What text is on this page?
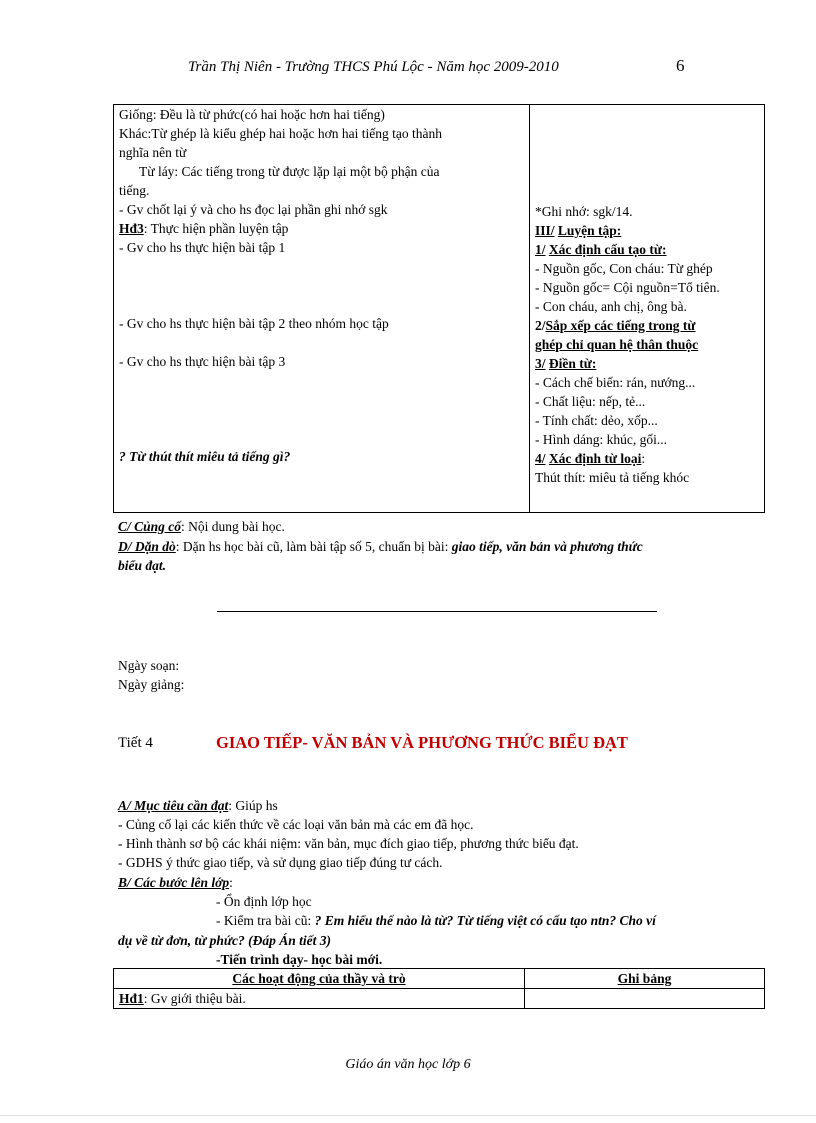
Trần Thị Niên - Trường THCS Phú Lộc - Năm học 2009-2010	6
Giống: Đều là từ phức(có hai hoặc hơn hai tiếng)
Khác:Từ ghép là kiểu ghép hai hoặc hơn hai tiếng tạo thành
nghĩa nên từ
Từ láy: Các tiếng trong từ được lặp lại một bộ phận của
tiếng.
- Gv chốt lại ý và cho hs đọc lại phần ghi nhớ sgk
Hđ3: Thực hiện phần luyện tập
- Gv cho hs thực hiện bài tập 1
- Gv cho hs thực hiện bài tập 2 theo nhóm học tập
- Gv cho hs thực hiện bài tập 3
? Từ thút thít miêu tả tiếng gì?

*Ghi nhớ: sgk/14.
III/ Luyện tập:
1/ Xác định cấu tạo từ:
- Nguồn gốc, Con cháu: Từ ghép
- Nguồn gốc= Cội nguồn=Tổ tiên.
- Con cháu, anh chị, ông bà.
2/Sắp xếp các tiếng trong từ
ghép chỉ quan hệ thân thuộc
3/ Điền từ:
- Cách chế biến: rán, nướng...
- Chất liệu: nếp, tẻ...
- Tính chất: dẻo, xốp...
- Hình dáng: khúc, gối...
4/ Xác định từ loại:
Thút thít: miêu tả tiếng khóc
C/ Củng cố: Nội dung bài học.
D/ Dặn dò: Dặn hs học bài cũ, làm bài tập số 5, chuẩn bị bài: giao tiếp, văn bản và phương thức
biểu đạt.
Ngày soạn:
Ngày giảng:
Tiết 4	GIAO TIẾP- VĂN BẢN VÀ PHƯƠNG THỨC BIỂU ĐẠT
A/ Mục tiêu cần đạt: Giúp hs
- Củng cố lại các kiến thức về các loại văn bản mà các em đã học.
- Hình thành sơ bộ các khái niệm: văn bản, mục đích giao tiếp, phương thức biểu đạt.
- GDHS ý thức giao tiếp, và sử dụng giao tiếp đúng tư cách.
B/ Các bước lên lớp:
- Ổn định lớp học
- Kiểm tra bài cũ: ? Em hiểu thế nào là từ? Từ tiếng việt có cấu tạo ntn? Cho ví
dụ về từ đơn, từ phức? (Đáp Án tiết 3)
-Tiến trình dạy- học bài mới.
Các hoạt động của thầy và trò	Ghi bảng
Hđ1: Gv giới thiệu bài.	
Giáo án văn học lớp 6
